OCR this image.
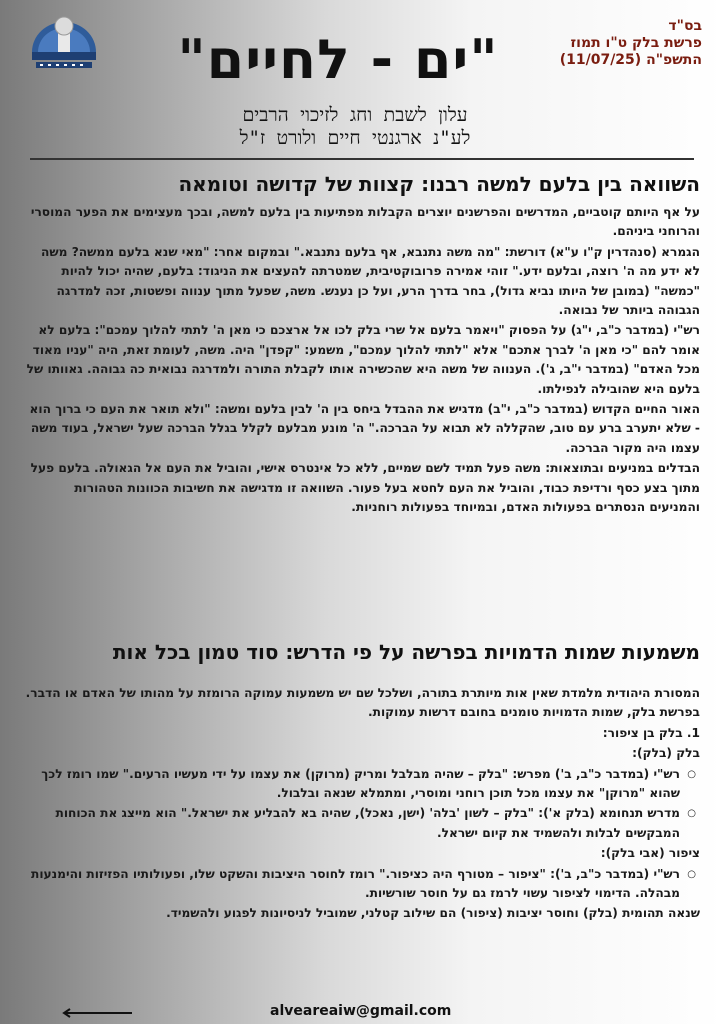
בס"ד
פרשת בלק ט"ו תמוז
התשפ"ה (11/07/25)
"ים - לחיים"
עלון לשבת וחג לזיכוי הרבים
לע"נ ארגנטי חיים ולורט ז"ל
השוואה בין בלעם למשה רבנו: קצוות של קדושה וטומאה

על אף היותם קוטביים, המדרשים והפרשנים יוצרים הקבלות מפתיעות בין בלעם למשה, ובכך מעצימים את הפער המוסרי והרוחני ביניהם.

הגמרא (סנהדרין ק"ו ע"א) דורשת: "מה משה נתנבא, אף בלעם נתנבא." ובמקום אחר: "מאי שנא בלעם ממשה? משה לא ידע מה ה' רוצה, ובלעם ידע." זוהי אמירה פרובוקטיבית, שמטרתה להעצים את הניגוד: בלעם, שהיה יכול להיות "כמשה" (במובן של היותו נביא גדול), בחר בדרך הרע, ועל כן נענש. משה, שפעל מתוך ענווה ופשטות, זכה למדרגה הגבוהה ביותר של נבואה.

רש"י (במדבר כ"ב, י"ג) על הפסוק "ויאמר בלעם אל שרי בלק לכו אל ארצכם כי מאן ה' לתתי להלוך עמכם": בלעם לא אומר להם "כי מאן ה' לברך אתכם" אלא "לתתי להלוך עמכם", משמע: "קפדן" היה. משה, לעומת זאת, היה "עניו מאוד מכל האדם" (במדבר י"ב, ג'). הענווה של משה היא שהכשירה אותו לקבלת התורה ולמדרגה נבואית כה גבוהה. גאוותו של בלעם היא שהובילה לנפילתו.

האור החיים הקדוש (במדבר כ"ב, י"ב) מדגיש את ההבדל ביחס בין ה' לבין בלעם ומשה: "ולא תואר את העם כי ברוך הוא - שלא יתערב ברע עם טוב, שהקללה לא תבוא על הברכה." ה' מונע מבלעם לקלל בגלל הברכה שעל ישראל, בעוד משה עצמו היה מקור הברכה.

הבדלים במניעים ובתוצאות: משה פעל תמיד לשם שמיים, ללא כל אינטרס אישי, והוביל את העם אל הגאולה. בלעם פעל מתוך בצע כסף ורדיפת כבוד, והוביל את העם לחטא בעל פעור. השוואה זו מדגישה את חשיבות הכוונות הטהורות והמניעים הנסתרים בפעולות האדם, ובמיוחד בפעולות רוחניות.

משמעות שמות הדמויות בפרשה על פי הדרש: סוד טמון בכל אות

המסורת היהודית מלמדת שאין אות מיותרת בתורה, ושלכל שם יש משמעות עמוקה הרומזת על מהותו של האדם או הדבר. בפרשת בלק, שמות הדמויות טומנים בחובם דרשות עמוקות.

1. בלק בן ציפור:

בלק (בלק):

○ רש"י (במדבר כ"ב, ב') מפרש: "בלק – שהיה מבלבל ומריק (מרוקן) את עצמו על ידי מעשיו הרעים." שמו רומז לכך שהוא "מרוקן" את עצמו מכל תוכן רוחני ומוסרי, ומתמלא שנאה ובלבול.

○ מדרש תנחומא (בלק א'): "בלק – לשון 'בלה' (ישן, נאכל), שהיה בא להבליע את ישראל." הוא מייצג את הכוחות המבקשים לבלות ולהשמיד את קיום ישראל.

ציפור (אבי בלק):

○ רש"י (במדבר כ"ב, ב'): "ציפור – מטורף היה כציפור." רומז לחוסר היציבות והשקט שלו, ופעולותיו הפזיזות והימנעות מבהלה. הדימוי לציפור עשוי לרמז גם על חוסר שורשיות.

שנאה תהומית (בלק) וחוסר יציבות (ציפור) הם שילוב קטלני, שמוביל לניסיונות לפגוע ולהשמיד.

alveareaiw@gmail.com
